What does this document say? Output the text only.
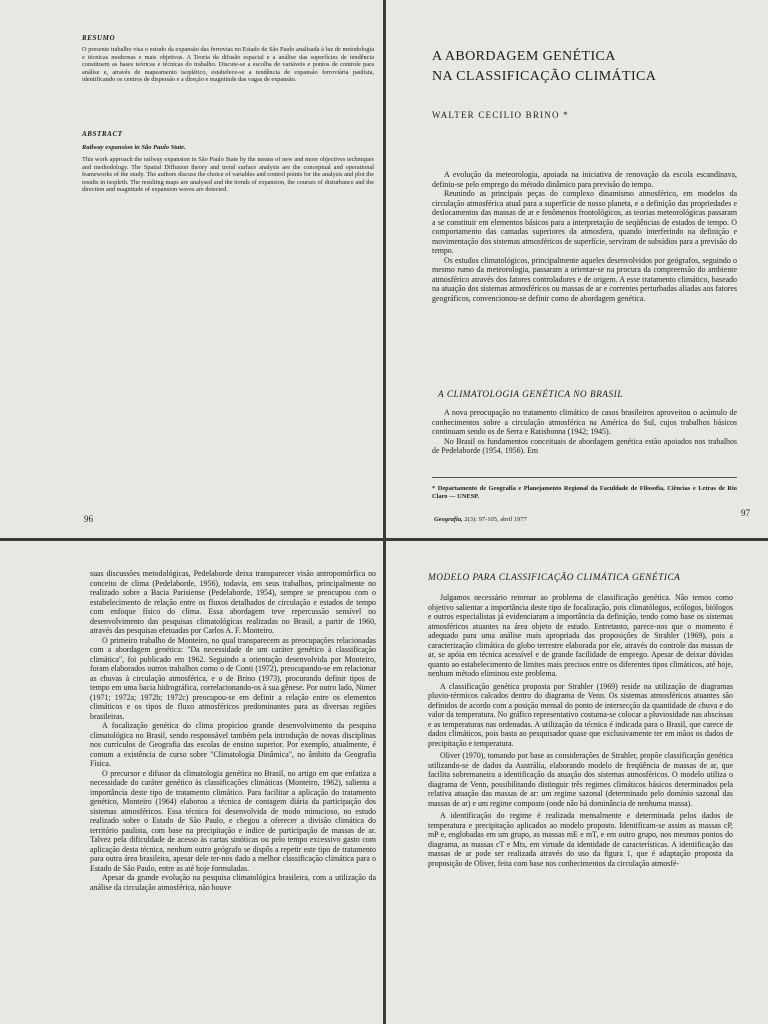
RESUMO

O presente trabalho visa o estudo da expansão das ferrovias no Estado de São Paulo analisada à luz de metodologia e técnicas modernas e mais objetivas. A Teoria da difusão espacial e a análise das superfícies de tendência constituem as bases teóricas e técnicas do trabalho. Discute-se a escolha de variáveis e pontos de controle para análise e, através de mapeamento isoplético, estabelece-se a tendência de expansão ferroviária paulista, identificando os centros de dispersão e a direção e magnitude das vagas de expansão.

ABSTRACT
Railway expansion in São Paulo State.

This work approach the railway expansion in São Paulo State by the means of new and more objectives techniques and methodology. The Spatial Diffusion theory and trend surface analysis are the conceptual and operational frameworks of the study. The authors discuss the choice of variables and control points for the analysis and plot the results in isopleth. The resulting maps are analysed and the trends of expansion, the courses of disturbance and the direction and magnitude of expansion waves are detected.

96
A ABORDAGEM GENÉTICA
NA CLASSIFICAÇÃO CLIMÁTICA
WALTER CECILIO BRINO *

A evolução da meteorologia, apoiada na iniciativa de renovação da escola escandinava, definiu-se pelo emprego do método dinâmico para previsão do tempo.

Reunindo as principais peças do complexo dinamismo atmosférico, em modelos da circulação atmosférica atual para a superfície de nosso planeta, e a definição das propriedades e deslocamentos das massas de ar e fenômenos frontológicos, as teorias meteorológicas passaram a se constituir em elementos básicos para a interpretação de seqüências de estados de tempo. O comportamento das camadas superiores da atmosfera, quando interferindo na definição e movimentação dos sistemas atmosféricos de superfície, servíram de subsídios para a previsão do tempo.

Os estudos climatológicos, principalmente aqueles desenvolvidos por geógrafos, seguindo o mesmo rumo da meteorologia, passaram a orientar-se na procura da compreensão do ambiente atmosférico através dos fatores controladores e de origem. A esse tratamento climático, baseado na atuação dos sistemas atmosféricos ou massas de ar e correntes perturbadas aliadas aos fatores geográficos, convencionou-se definir como de abordagem genética.

A CLIMATOLOGIA GENÉTICA NO BRASIL

A nova preocupação no tratamento climático de casos brasileiros aproveitou o acúmulo de conhecimentos sobre a circulação atmosférica na América do Sul, cujos trabalhos básicos continuam sendo os de Serra e Ratisbonna (1942; 1945).

No Brasil os fundamentos conceituais de abordagem genética estão apoiados nos trabalhos de Pedelaborde (1954, 1956). Em

* Departamento de Geografia e Planejamento Regional da Faculdade de Filosofia, Ciências e Letras de Rio Claro — UNESP.

Geografia, 2(3): 97-105, abril 1977
97

suas discussões metodológicas, Pedelaborde deixa transparecer visão antropomórfica no conceito de clima (Pedelaborde, 1956), todavia, em seus trabalhos, principalmente no realizado sobre a Bacia Parisiense (Pedelaborde, 1954), sempre se preocupou com o estabelecimento de relação entre os fluxos detalhados de circulação e estados de tempo com enfoque físico do clima. Essa abordagem teve repercussão sensível no desenvolvimento das pesquisas climatológicas realizadas no Brasil, a partir de 1960, através das pesquisas efetuadas por Carlos A. F. Monteiro.

O primeiro trabalho de Monteiro, no qual transparecem as preocupações relacionadas com a abordagem genética: "Da necessidade de um caráter genético à classificação climática", foi publicado em 1962. Seguindo a orientação desenvolvida por Monteiro, foram elaborados outros trabalhos como o de Conti (1972), preocupando-se em relacionar as chuvas à circulação atmosférica, e o de Brino (1973), procurando definir tipos de tempo em uma bacia hidrográfica, correlacionando-os à sua gênese. Por outro lado, Nimer (1971; 1972a; 1972b; 1972c) preocupou-se em definir a relação entre os elementos climáticos e os tipos de fluxo atmosféricos predominantes para as diversas regiões brasileiras.

A focalização genética do clima propiciou grande desenvolvimento da pesquisa climatológica no Brasil, sendo responsável também pela introdução de novas disciplinas nos currículos de Geografia das escolas de ensino superior. Por exemplo, atualmente, é comum a existência de curso sobre "Climatologia Dinâmica", no âmbito da Geografia Física.

O precursor e difusor da climatologia genética no Brasil, no artigo em que enfatiza a necessidade do caráter genético às classificações climáticas (Monteiro, 1962), salienta a importância deste tipo de tratamento climático. Para facilitar a aplicação do tratamento genético, Monteiro (1964) elaborou a técnica de contagem diária da participação dos sistemas atmosféricos. Essa técnica foi desenvolvida de modo minucioso, no estudo realizado sobre o Estado de São Paulo, e chegou a oferecer a divisão climática do território paulista, com base na precipitação e índice de participação de massas de ar. Talvez pela dificuldade de acesso às cartas sinóticas ou pelo tempo excessivo gasto com aplicação desta técnica, nenhum outro geógrafo se dispôs a repetir este tipo de tratamento para outra área brasileira, apesar dele ter-nos dado a melhor classificação climática para o Estado de São Paulo, entre as até hoje formuladas.

Apesar da grande evolução na pesquisa climatológica brasileira, com a utilização da análise da circulação atmosférica, não houve

MODELO PARA CLASSIFICAÇÃO CLIMÁTICA GENÉTICA

Julgamos necessário retornar ao problema de classificação genética. Não temos como objetivo salientar a importância deste tipo de focalização, pois climatólogos, ecólogos, biólogos e outros especialistas já evidenciaram a importância da definição, tendo como base os sistemas atmosféricos atuantes na área objeto de estudo. Entretanto, parece-nos que o momento é adequado para uma análise mais apropriada das proposições de Strahler (1969), pois a caracterização climática do globo terrestre elaborada por ele, através do controle das massas de ar, se apóia em técnica acessível e de grande facilidade de emprego. Apesar de deixar dúvidas quanto ao estabelecimento de limites mais precisos entre os diferentes tipos climáticos, até hoje, nenhum método eliminou este problema.

A classificação genética proposta por Strahler (1969) reside na utilização de diagramas pluvio-térmicos calcados dentro do diagrama de Venn. Os sistemas atmosféricos atuantes são definidos de acordo com a posição mensal do ponto de intersecção da quantidade de chuva e do valor da temperatura. No gráfico representativo costuma-se colocar a pluviosidade nas abscissas e as temperaturas nas ordenadas. A utilização da técnica é indicada para o Brasil, que carece de dados climáticos, pois basta ao pesquisador quase que exclusivamente ter em mãos os dados de precipitação e temperatura.

Oliver (1970), tomando por base as considerações de Strahler, propõe classificação genética utilizando-se de dados da Austrália, elaborando modelo de freqüência de massas de ar, que facilita sobremaneira a identificação da atuação dos sistemas atmosféricos. O modelo utiliza o diagrama de Venn, possibilitando distinguir três regimes climáticos básicos determinados pela relativa atuação das massas de ar: um regime sazonal (determinado pelo domínio sazonal das massas de ar) e um regime composto (onde não há dominância de nenhuma massa).

A identificação do regime é realizada mensalmente e determinada pelos dados de temperatura e precipitação aplicados ao modelo proposto. Identificam-se assim as massas cP, mP e, englobadas em um grupo, as massas mE e mT, e em outro grupo, nos mesmos pontos do diagrama, as massas cT e Mts, em virtude da identidade de características. A identificação das massas de ar pode ser realizada através do uso da figura 1, que é adaptação proposta da proposição de Oliver, feita com base nos conhecimentos da circulação atmosfé-
